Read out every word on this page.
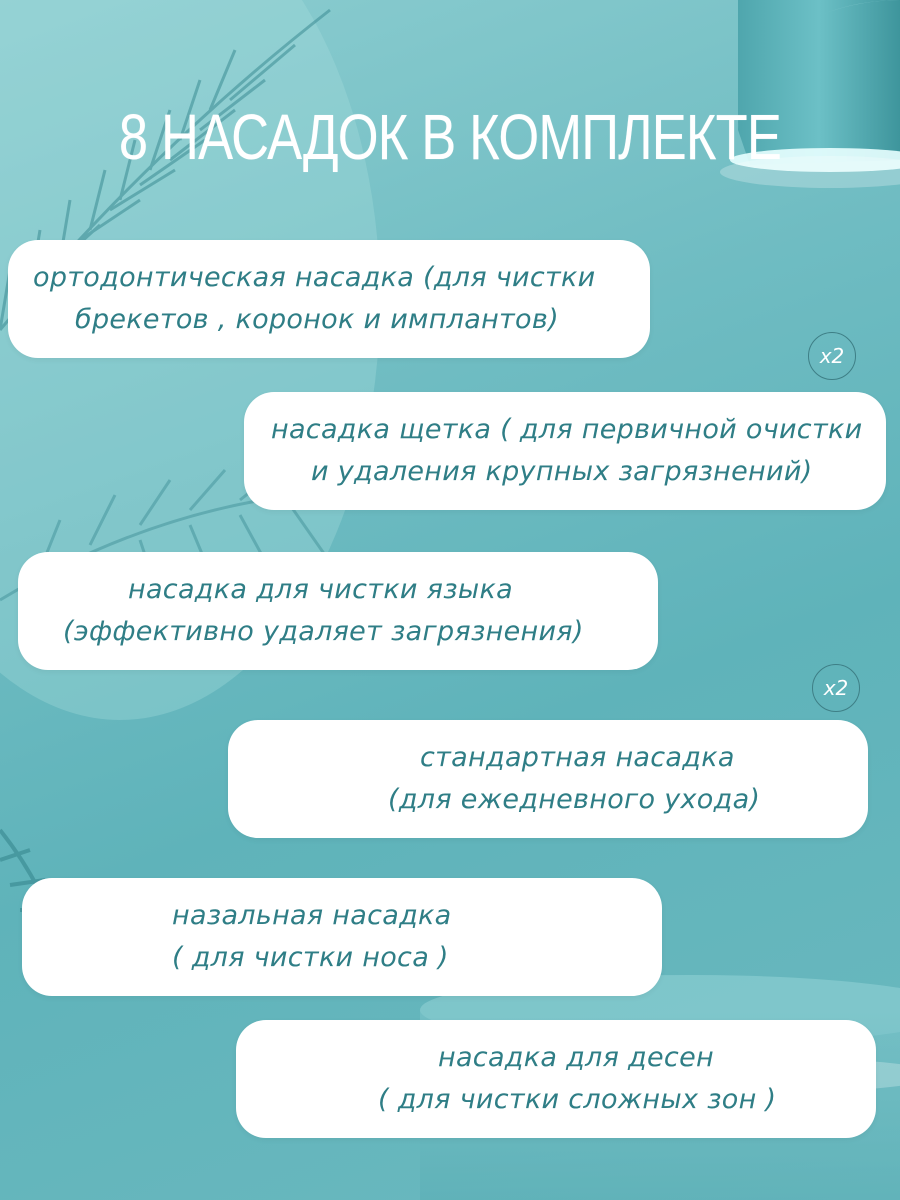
8 НАСАДОК В КОМПЛЕКТЕ
ортодонтическая насадка (для чистки
брекетов , коронок и имплантов)
x2
насадка щетка ( для первичной очистки
и удаления крупных загрязнений)
насадка для чистки языка
(эффективно удаляет загрязнения)
x2
стандартная насадка
(для ежедневного ухода)
назальная насадка
( для чистки носа )
насадка для десен
( для чистки сложных зон )
